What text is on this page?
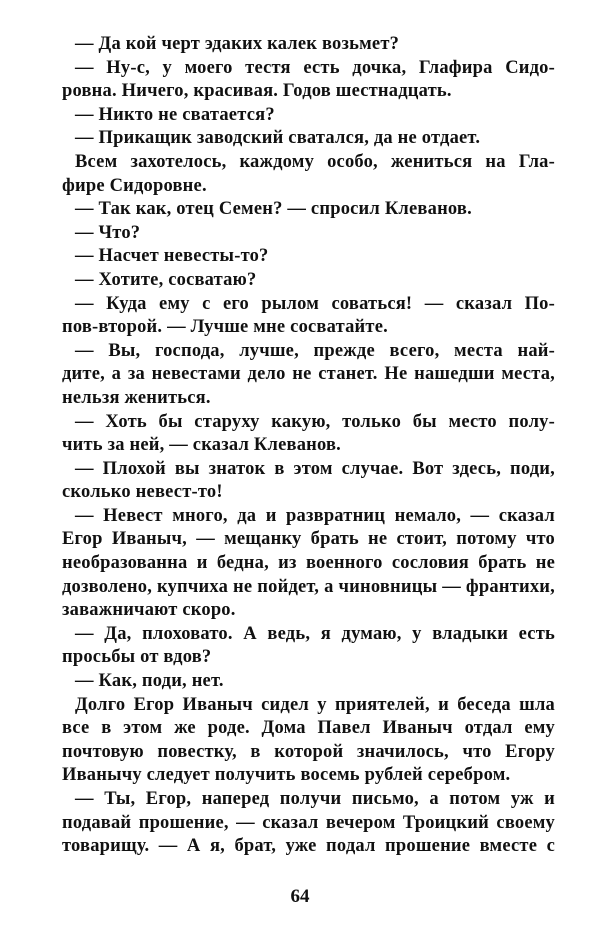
— Да кой черт эдаких калек возьмет?
— Ну-с, у моего тестя есть дочка, Глафира Сидо-
ровна. Ничего, красивая. Годов шестнадцать.
— Никто не сватается?
— Прикащик заводский сватался, да не отдает.
Всем захотелось, каждому особо, жениться на Гла-
фире Сидоровне.
— Так как, отец Семен? — спросил Клеванов.
— Что?
— Насчет невесты-то?
— Хотите, сосватаю?
— Куда ему с его рылом соваться! — сказал По-
пов-второй. — Лучше мне сосватайте.
— Вы, господа, лучше, прежде всего, места най-
дите, а за невестами дело не станет. Не нашедши места,
нельзя жениться.
— Хоть бы старуху какую, только бы место полу-
чить за ней, — сказал Клеванов.
— Плохой вы знаток в этом случае. Вот здесь, поди,
сколько невест-то!
— Невест много, да и развратниц немало, — сказал
Егор Иваныч, — мещанку брать не стоит, потому что
необразованна и бедна, из военного сословия брать не
дозволено, купчиха не пойдет, а чиновницы — франтихи,
заважничают скоро.
— Да, плоховато. А ведь, я думаю, у владыки есть
просьбы от вдов?
— Как, поди, нет.
Долго Егор Иваныч сидел у приятелей, и беседа шла
все в этом же роде. Дома Павел Иваныч отдал ему
почтовую повестку, в которой значилось, что Егору
Иванычу следует получить восемь рублей серебром.
— Ты, Егор, наперед получи письмо, а потом уж и
подавай прошение, — сказал вечером Троицкий своему
товарищу. — А я, брат, уже подал прошение вместе с
64
